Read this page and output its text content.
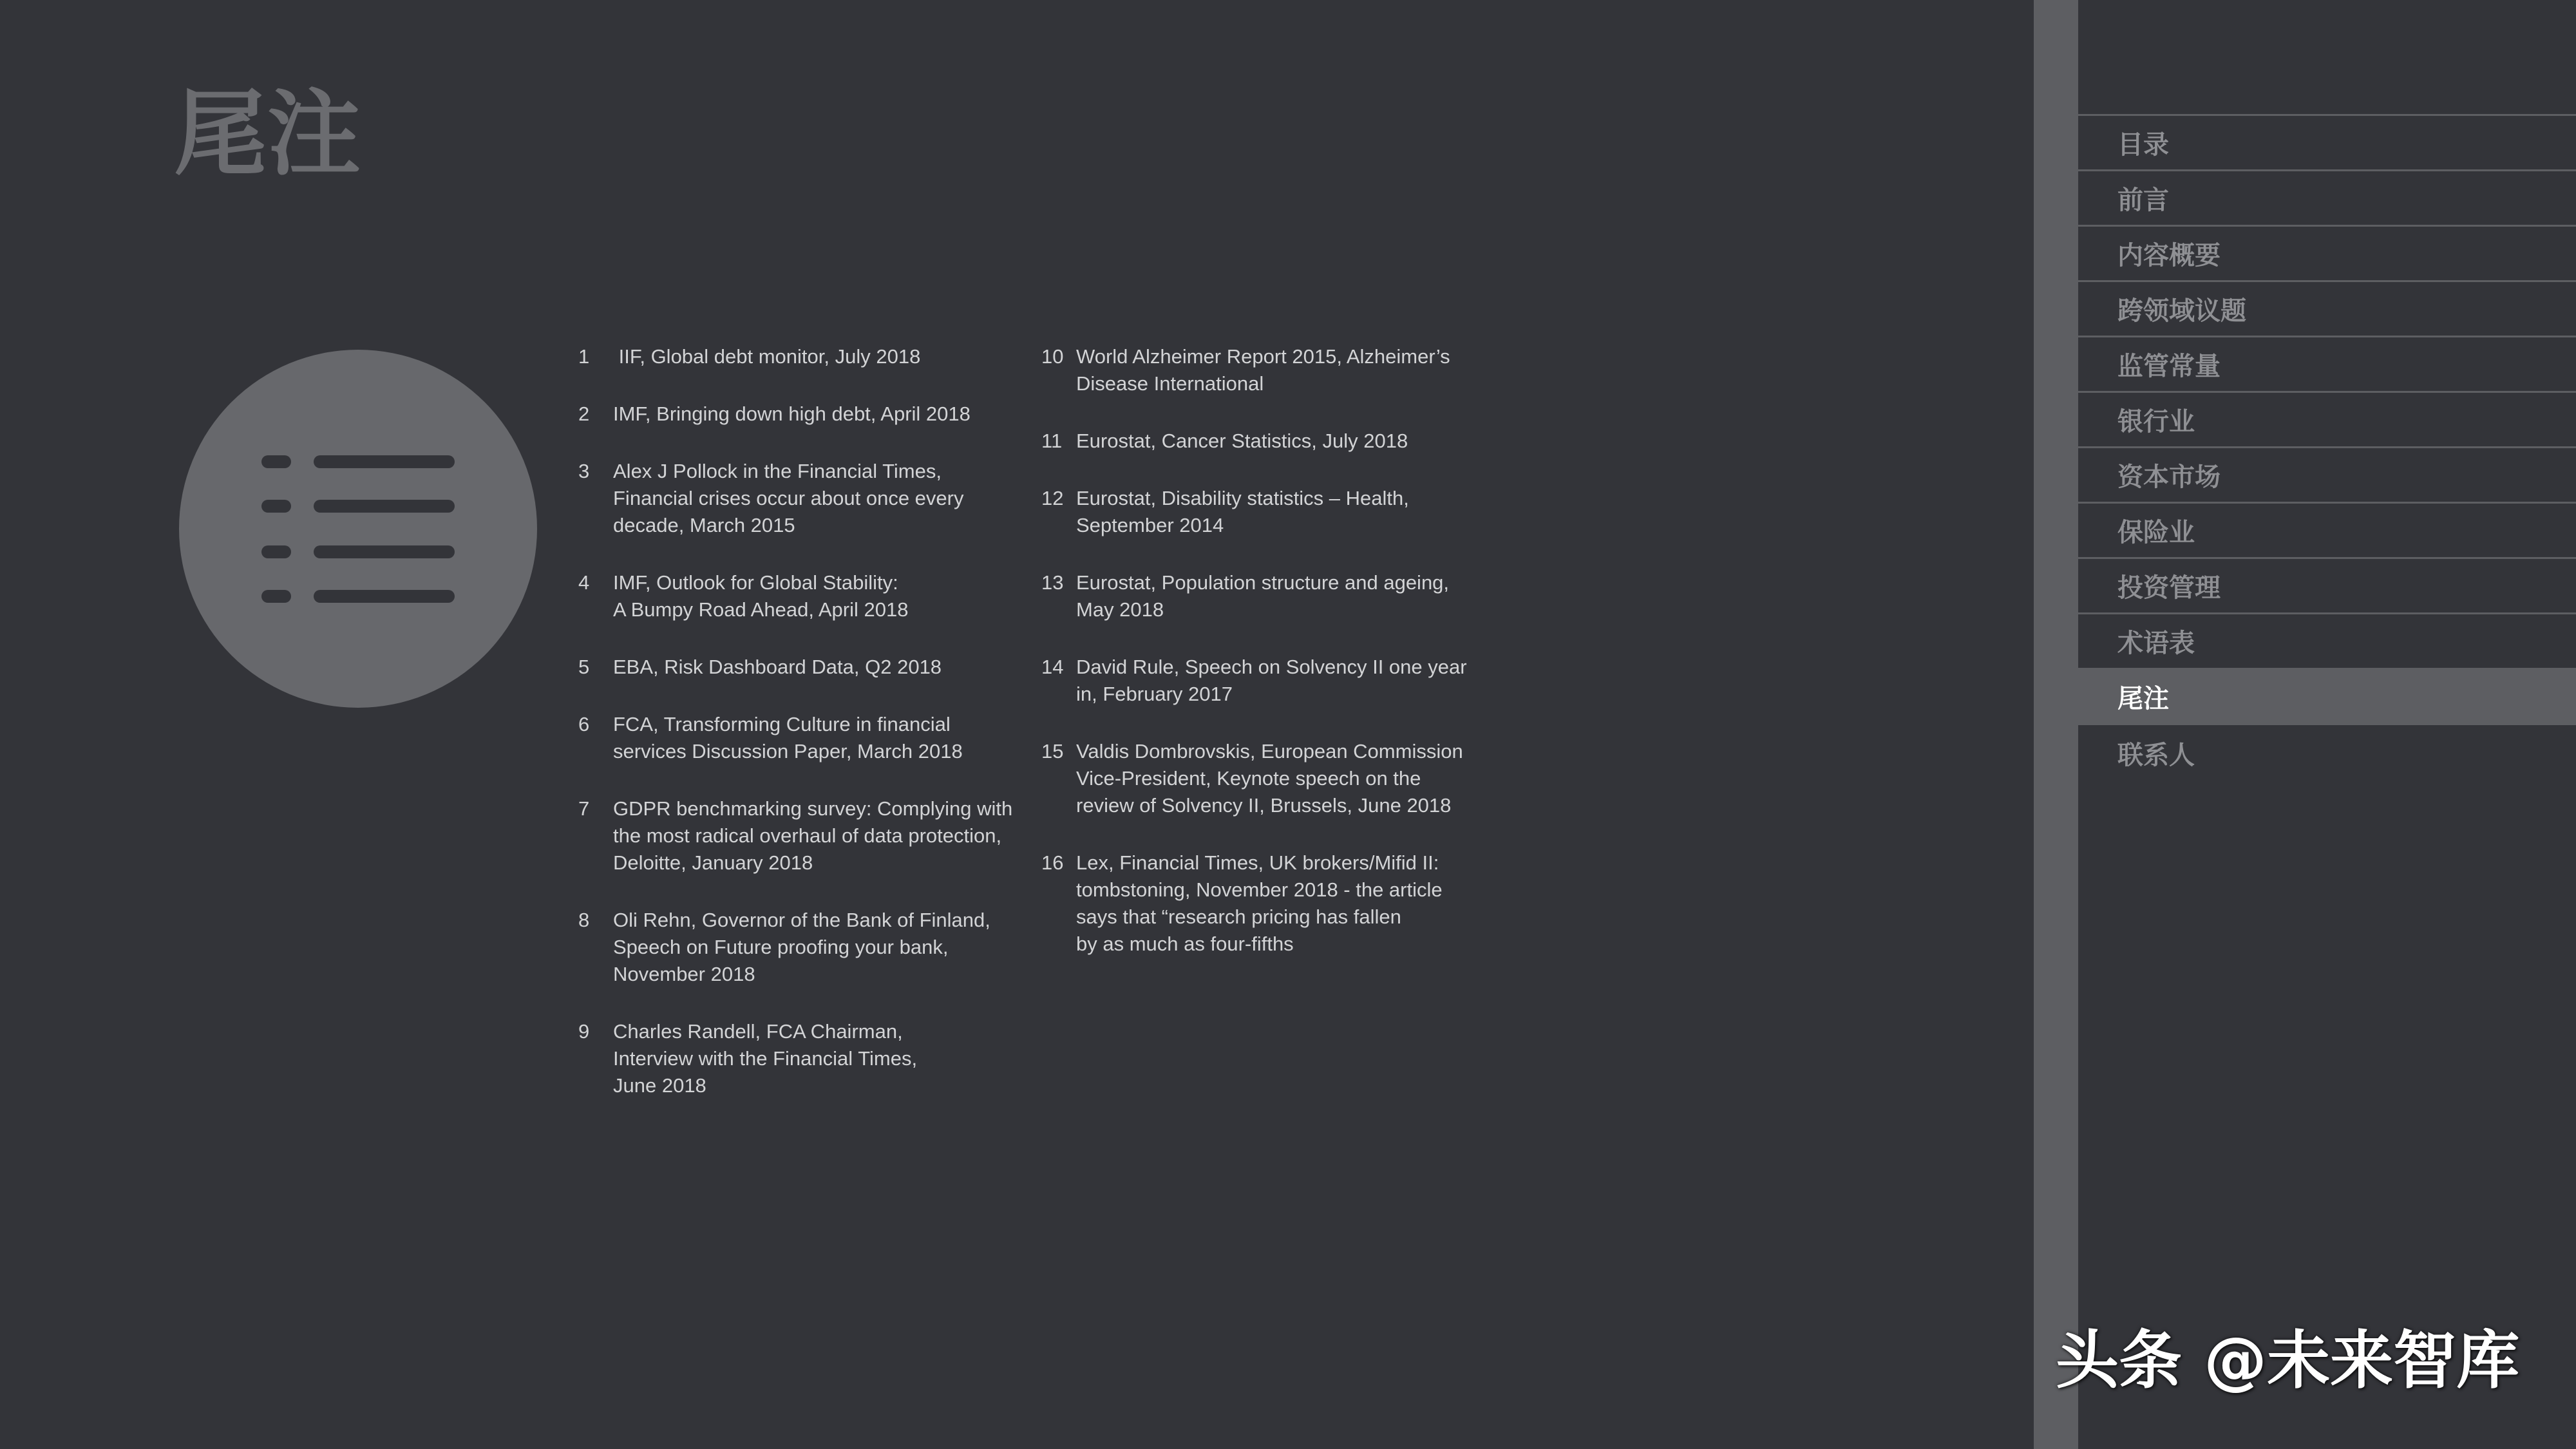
尾注
1	IIF, Global debt monitor, July 2018
2	IMF, Bringing down high debt, April 2018
3	Alex J Pollock in the Financial Times,
Financial crises occur about once every
decade, March 2015
4	IMF, Outlook for Global Stability:
A Bumpy Road Ahead, April 2018
5	EBA, Risk Dashboard Data, Q2 2018
6	FCA, Transforming Culture in financial
services Discussion Paper, March 2018
7	GDPR benchmarking survey: Complying with
the most radical overhaul of data protection,
Deloitte, January 2018
8	Oli Rehn, Governor of the Bank of Finland,
Speech on Future proofing your bank,
November 2018
9	Charles Randell, FCA Chairman,
Interview with the Financial Times,
June 2018
10 World Alzheimer Report 2015, Alzheimer’s
Disease International
11 Eurostat, Cancer Statistics, July 2018
12 Eurostat, Disability statistics – Health,
September 2014
13 Eurostat, Population structure and ageing,
May 2018
14 David Rule, Speech on Solvency II one year
in, February 2017
15 Valdis Dombrovskis, European Commission
Vice-President, Keynote speech on the
review of Solvency II, Brussels, June 2018
16 Lex, Financial Times, UK brokers/Mifid II:
tombstoning, November 2018 - the article
says that “research pricing has fallen
by as much as four-fifths
目录
前言
内容概要
跨领域议题
监管常量
银行业
资本市场
保险业
投资管理
术语表
尾注
联系人
头条 @未来智库
